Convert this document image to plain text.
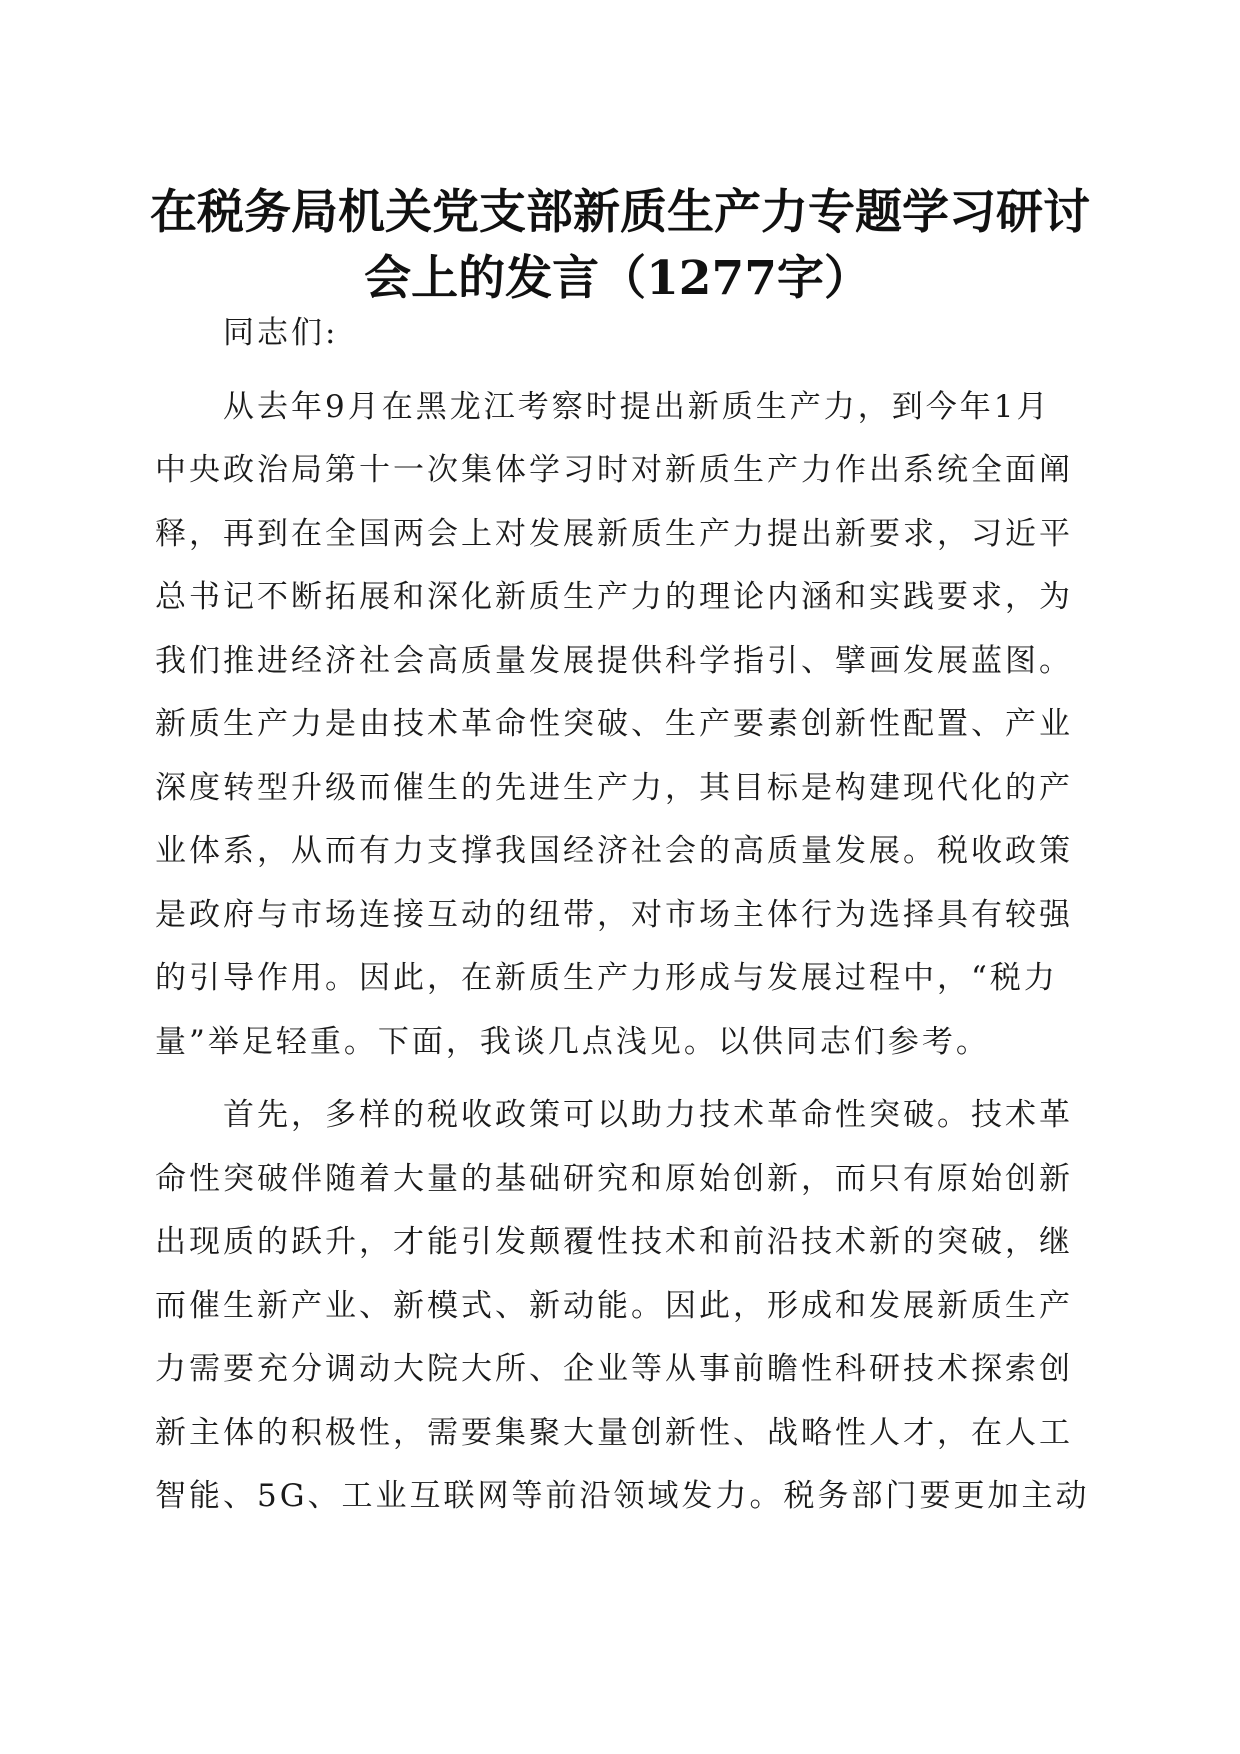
在税务局机关党支部新质生产力专题学习研讨
会上的发言（1277字）
同志们:
从去年9月在黑龙江考察时提出新质生产力，到今年1月
中央政治局第十一次集体学习时对新质生产力作出系统全面阐
释，再到在全国两会上对发展新质生产力提出新要求，习近平
总书记不断拓展和深化新质生产力的理论内涵和实践要求，为
我们推进经济社会高质量发展提供科学指引、擘画发展蓝图。
新质生产力是由技术革命性突破、生产要素创新性配置、产业
深度转型升级而催生的先进生产力，其目标是构建现代化的产
业体系，从而有力支撑我国经济社会的高质量发展。税收政策
是政府与市场连接互动的纽带，对市场主体行为选择具有较强
的引导作用。因此，在新质生产力形成与发展过程中，“税力
量”举足轻重。下面，我谈几点浅见。以供同志们参考。
首先，多样的税收政策可以助力技术革命性突破。技术革
命性突破伴随着大量的基础研究和原始创新，而只有原始创新
出现质的跃升，才能引发颠覆性技术和前沿技术新的突破，继
而催生新产业、新模式、新动能。因此，形成和发展新质生产
力需要充分调动大院大所、企业等从事前瞻性科研技术探索创
新主体的积极性，需要集聚大量创新性、战略性人才，在人工
智能、5G、工业互联网等前沿领域发力。税务部门要更加主动
